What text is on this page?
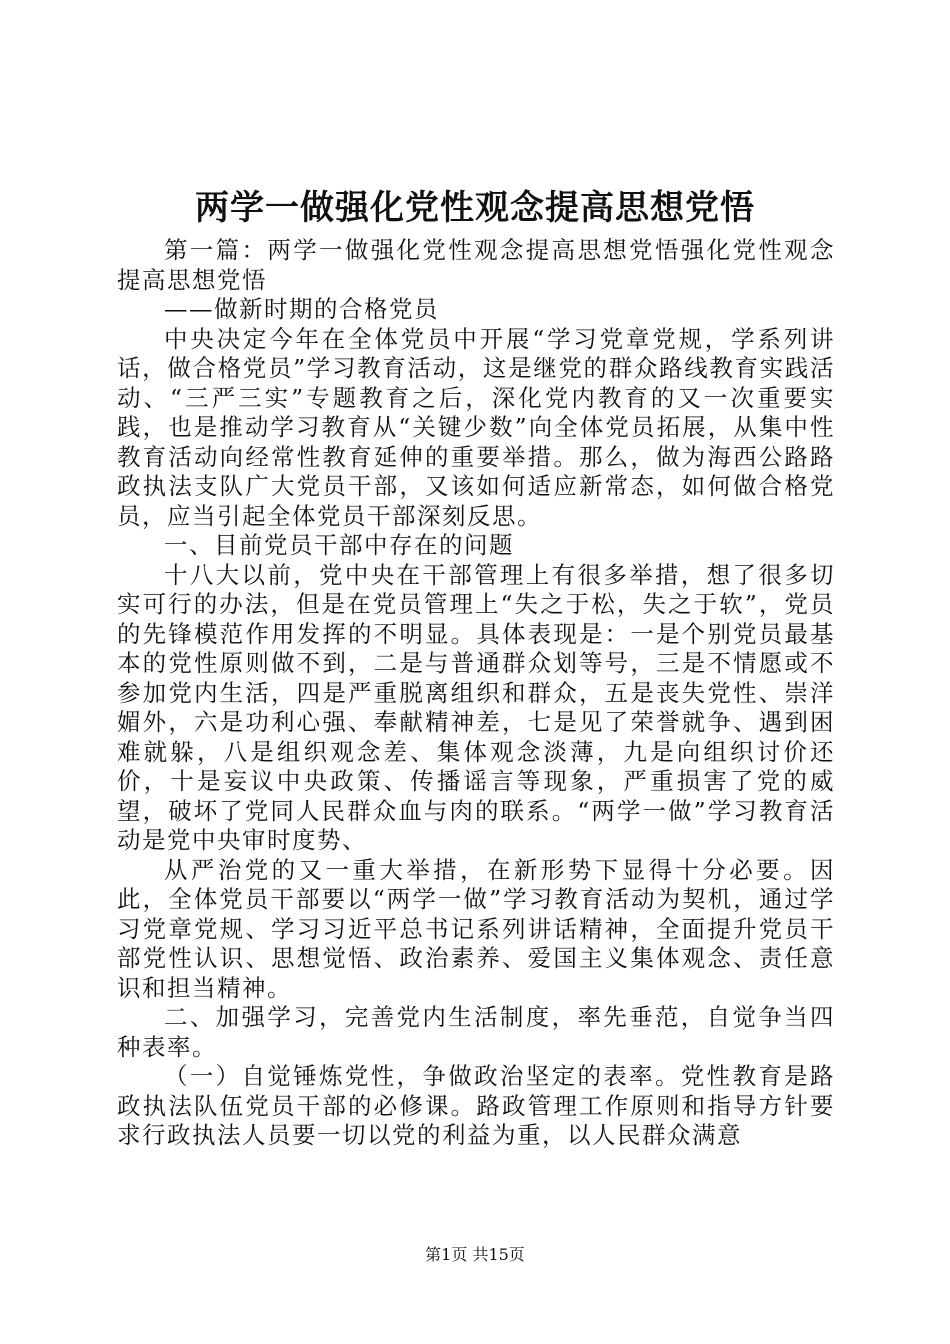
两学一做强化党性观念提高思想党悟

第一篇：两学一做强化党性观念提高思想党悟强化党性观念提高思想党悟

——做新时期的合格党员

中央决定今年在全体党员中开展“学习党章党规，学系列讲话，做合格党员”学习教育活动，这是继党的群众路线教育实践活动、“三严三实”专题教育之后，深化党内教育的又一次重要实践，也是推动学习教育从“关键少数”向全体党员拓展，从集中性教育活动向经常性教育延伸的重要举措。那么，做为海西公路路政执法支队广大党员干部，又该如何适应新常态，如何做合格党员，应当引起全体党员干部深刻反思。

一、目前党员干部中存在的问题

十八大以前，党中央在干部管理上有很多举措，想了很多切实可行的办法，但是在党员管理上“失之于松，失之于软”，党员的先锋模范作用发挥的不明显。具体表现是：一是个别党员最基本的党性原则做不到，二是与普通群众划等号，三是不情愿或不参加党内生活，四是严重脱离组织和群众，五是丧失党性、崇洋媚外，六是功利心强、奉献精神差，七是见了荣誉就争、遇到困难就躲，八是组织观念差、集体观念淡薄，九是向组织讨价还价，十是妄议中央政策、传播谣言等现象，严重损害了党的威望，破坏了党同人民群众血与肉的联系。“两学一做”学习教育活动是党中央审时度势、

从严治党的又一重大举措，在新形势下显得十分必要。因此，全体党员干部要以“两学一做”学习教育活动为契机，通过学习党章党规、学习习近平总书记系列讲话精神，全面提升党员干部党性认识、思想觉悟、政治素养、爱国主义集体观念、责任意识和担当精神。

二、加强学习，完善党内生活制度，率先垂范，自觉争当四种表率。

（一）自觉锤炼党性，争做政治坚定的表率。党性教育是路政执法队伍党员干部的必修课。路政管理工作原则和指导方针要求行政执法人员要一切以党的利益为重，以人民群众满意

第1页 共15页
